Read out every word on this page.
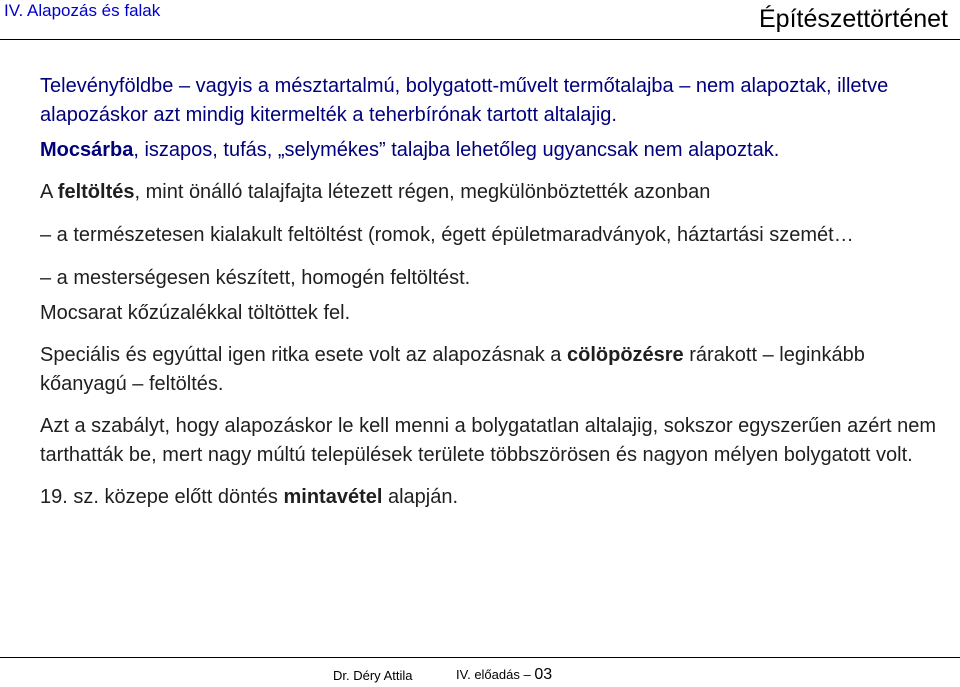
IV. Alapozás és falak	Építészettörténet

Televényföldbe – vagyis a mésztartalmú, bolygatott-művelt termőtalajba – nem alapoztak, illetve alapozáskor azt mindig kitermelték a teherbírónak tartott altalajig.

Mocsárba, iszapos, tufás, „selymékes” talajba lehetőleg ugyancsak nem alapoztak.

A feltöltés, mint önálló talajfajta létezett régen, megkülönböztették azonban

– a természetesen kialakult feltöltést (romok, égett épületmaradványok, háztartási szemét…

– a mesterségesen készített, homogén feltöltést.

Mocsarat kőzúzalékkal töltöttek fel.

Speciális és egyúttal igen ritka esete volt az alapozásnak a cölöpözésre rárakott – leginkább kőanyagú – feltöltés.

Azt a szabályt, hogy alapozáskor le kell menni a bolygatatlan altalajig, sokszor egyszerűen azért nem tarthatták be, mert nagy múltú települések területe többszörösen és nagyon mélyen bolygatott volt.

19. sz. közepe előtt döntés mintavétel alapján.

Dr. Déry Attila	IV. előadás – 03
